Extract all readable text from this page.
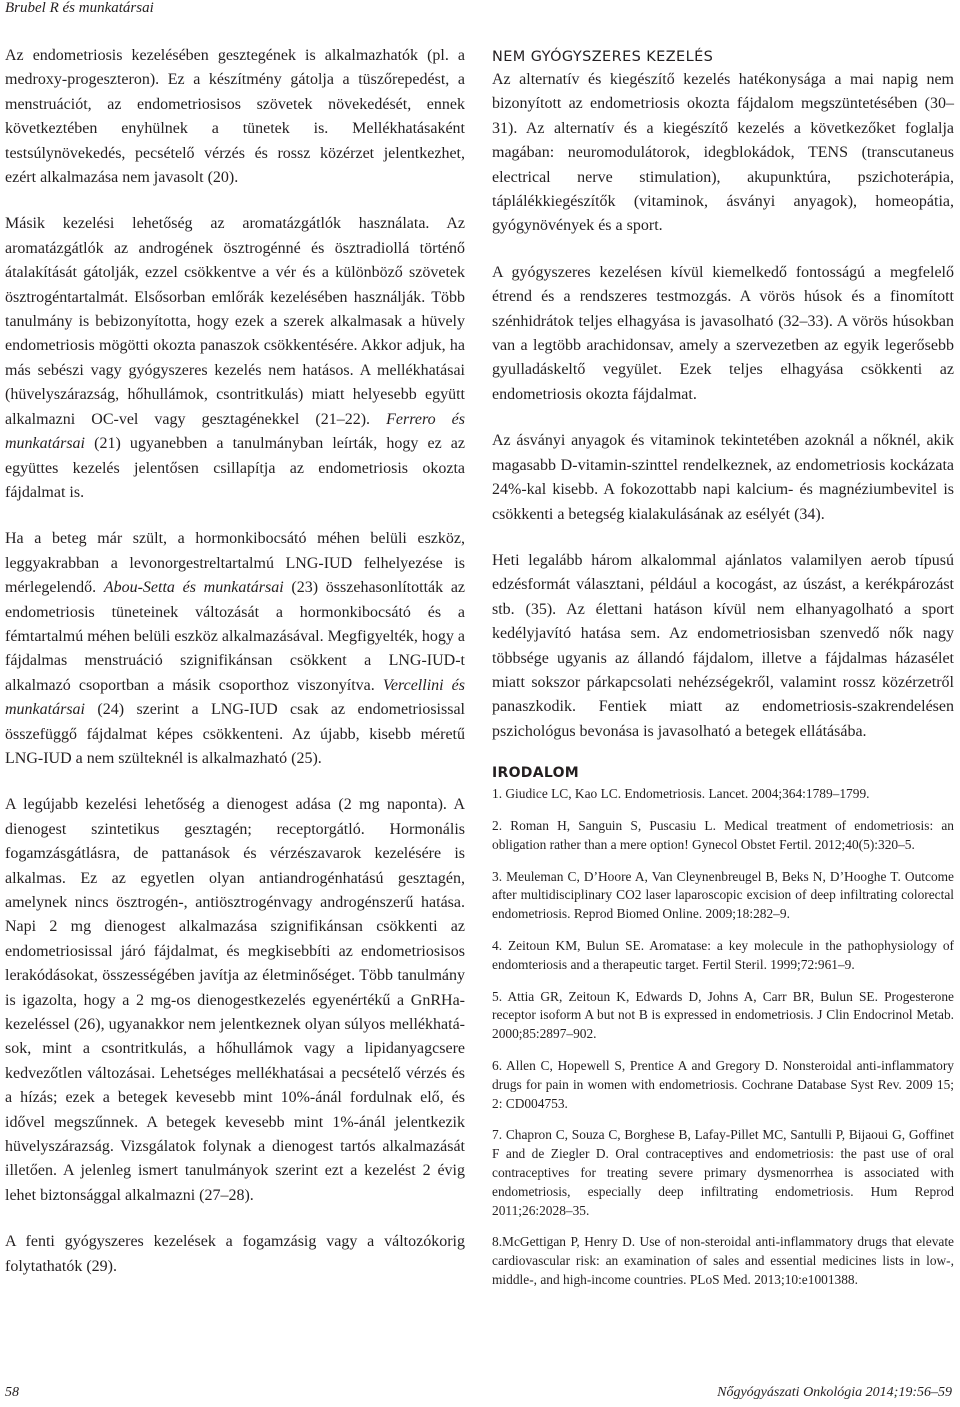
Brubel R és munkatársai

Az endometriosis kezelésében gesztegének is alkalmazhatók (pl. a medroxy-progeszteron). Ez a készítmény gátolja a tüszőrepedést, a menstruációt, az endometriosisos szövetek növekedését, ennek következtében enyhülnek a tünetek is. Mellékhatásaként testsúlynövekedés, pecsételő vérzés és rossz közérzet jelentkezhet, ezért alkalmazása nem javasolt (20).

Másik kezelési lehetőség az aromatázgátlók használata. Az aromatázgátlók az androgének ösztrogénné és ösztradiollá történő átalakítását gátolják, ezzel csökkentve a vér és a különböző szövetek ösztrogéntartalmát. Elsősorban emlőrák kezelésében használják. Több tanulmány is bebizonyította, hogy ezek a szerek alkalmasak a hüvely endometriosis mögötti okozta panaszok csökkentésére. Akkor adjuk, ha más sebészi vagy gyógyszeres kezelés nem hatásos. A mellékhatásai (hüvelyszárazság, hőhullámok, csontritkulás) miatt helyesebb együtt alkalmazni OC-vel vagy gesztagénekkel (21–22). Ferrero és munkatársai (21) ugyanebben a tanulmányban leírták, hogy ez az együttes kezelés jelentősen csillapítja az endometriosis okozta fájdalmat is.

Ha a beteg már szült, a hormonkibocsátó méhen belüli eszköz, leggyakrabban a levonorgestreltartalmú LNG-IUD felhelyezése is mérlegelendő. Abou-Setta és munkatársai (23) összehasonlították az endometriosis tüneteinek változását a hormonkibocsátó és a fémtartalmú méhen belüli eszköz alkalmazásával. Megfigyelték, hogy a fájdalmas menstruáció szignifikánsan csökkent a LNG-IUD-t alkalmazó csoportban a másik csoporthoz viszonyítva. Vercellini és munkatársai (24) szerint a LNG-IUD csak az endometriosissal összefüggő fájdalmat képes csökkenteni. Az újabb, kisebb méretű LNG-IUD a nem szülteknél is alkalmazható (25).

A legújabb kezelési lehetőség a dienogest adása (2 mg naponta). A dienogest szintetikus gesztagén; receptorgátló. Hormonális fogamzásgátlásra, de pattanások és vérzészavarok kezelésére is alkalmas. Ez az egyetlen olyan antiandrogénhatású gesztagén, amelynek nincs ösztrogén-, antiösztrogénvagy androgénszerű hatása. Napi 2 mg dienogest alkalmazása szignifikánsan csökkenti az endometriosissal járó fájdalmat, és megkisebbíti az endometriosisos lerakódásokat, összességében javítja az életminőséget. Több tanulmány is igazolta, hogy a 2 mg-os dienogestkezelés egyenértékű a GnRHa-kezeléssel (26), ugyanakkor nem jelentkeznek olyan súlyos mellékhatások, mint a csontritkulás, a hőhullámok vagy a lipidanyagcsere kedvezőtlen változásai. Lehetséges mellékhatásai a pecsételő vérzés és a hízás; ezek a betegek kevesebb mint 10%-ánál fordulnak elő, és idővel megszűnnek. A betegek kevesebb mint 1%-ánál jelentkezik hüvelyszárazság. Vizsgálatok folynak a dienogest tartós alkalmazását illetően. A jelenleg ismert tanulmányok szerint ezt a kezelést 2 évig lehet biztonsággal alkalmazni (27–28).

A fenti gyógyszeres kezelések a fogamzásig vagy a változókorig folytathatók (29).

NEM GYÓGYSZERES KEZELÉS

Az alternatív és kiegészítő kezelés hatékonysága a mai napig nem bizonyított az endometriosis okozta fájdalom megszüntetésében (30–31). Az alternatív és a kiegészítő kezelés a következőket foglalja magában: neuromodulátorok, idegblokádok, TENS (transcutaneus electrical nerve stimulation), akupunktúra, pszichoterápia, táplálékkiegészítők (vitaminok, ásványi anyagok), homeopátia, gyógynövények és a sport.

A gyógyszeres kezelésen kívül kiemelkedő fontosságú a megfelelő étrend és a rendszeres testmozgás. A vörös húsok és a finomított szénhidrátok teljes elhagyása is javasolható (32–33). A vörös húsokban van a legtöbb arachidonsav, amely a szervezetben az egyik legerősebb gyulladáskeltő vegyület. Ezek teljes elhagyása csökkenti az endometriosis okozta fájdalmat.

Az ásványi anyagok és vitaminok tekintetében azoknál a nőknél, akik magasabb D-vitamin-szinttel rendelkeznek, az endometriosis kockázata 24%-kal kisebb. A fokozottabb napi kalcium- és magnéziumbevitel is csökkenti a betegség kialakulásának az esélyét (34).

Heti legalább három alkalommal ajánlatos valamilyen aerob típusú edzésformát választani, például a kocogást, az úszást, a kerékpározást stb. (35). Az élettani hatáson kívül nem elhanyagolható a sport kedélyjavító hatása sem. Az endometriosisban szenvedő nők nagy többsége ugyanis az állandó fájdalom, illetve a fájdalmas házasélet miatt sokszor párkapcsolati nehézségekről, valamint rossz közérzetről panaszkodik. Fentiek miatt az endometriosis-szakrendelésen pszichológus bevonása is javasolható a betegek ellátásába.

IRODALOM

1. Giudice LC, Kao LC. Endometriosis. Lancet. 2004;364:1789–1799.

2. Roman H, Sanguin S, Puscasiu L. Medical treatment of endometriosis: an obligation rather than a mere option! Gynecol Obstet Fertil. 2012;40(5):320–5.

3. Meuleman C, D’Hoore A, Van Cleynenbreugel B, Beks N, D’Hooghe T. Outcome after multidisciplinary CO2 laser laparoscopic excision of deep infiltrating colorectal endometriosis. Reprod Biomed Online. 2009;18:282–9.

4. Zeitoun KM, Bulun SE. Aromatase: a key molecule in the pathophysiology of endomteriosis and a therapeutic target. Fertil Steril. 1999;72:961–9.

5. Attia GR, Zeitoun K, Edwards D, Johns A, Carr BR, Bulun SE. Progesterone receptor isoform A but not B is expressed in endometriosis. J Clin Endocrinol Metab. 2000;85:2897–902.

6. Allen C, Hopewell S, Prentice A and Gregory D. Nonsteroidal anti-inflammatory drugs for pain in women with endometriosis. Cochrane Database Syst Rev. 2009 15; 2: CD004753.

7. Chapron C, Souza C, Borghese B, Lafay-Pillet MC, Santulli P, Bijaoui G, Goffinet F and de Ziegler D. Oral contraceptives and endometriosis: the past use of oral contraceptives for treating severe primary dysmenorrhea is associated with endometriosis, especially deep infiltrating endometriosis. Hum Reprod 2011;26:2028–35.

8.McGettigan P, Henry D. Use of non-steroidal anti-inflammatory drugs that elevate cardiovascular risk: an examination of sales and essential medicines lists in low-, middle-, and high-income countries. PLoS Med. 2013;10:e1001388.

58	Nőgyógyászati Onkológia 2014;19:56–59
